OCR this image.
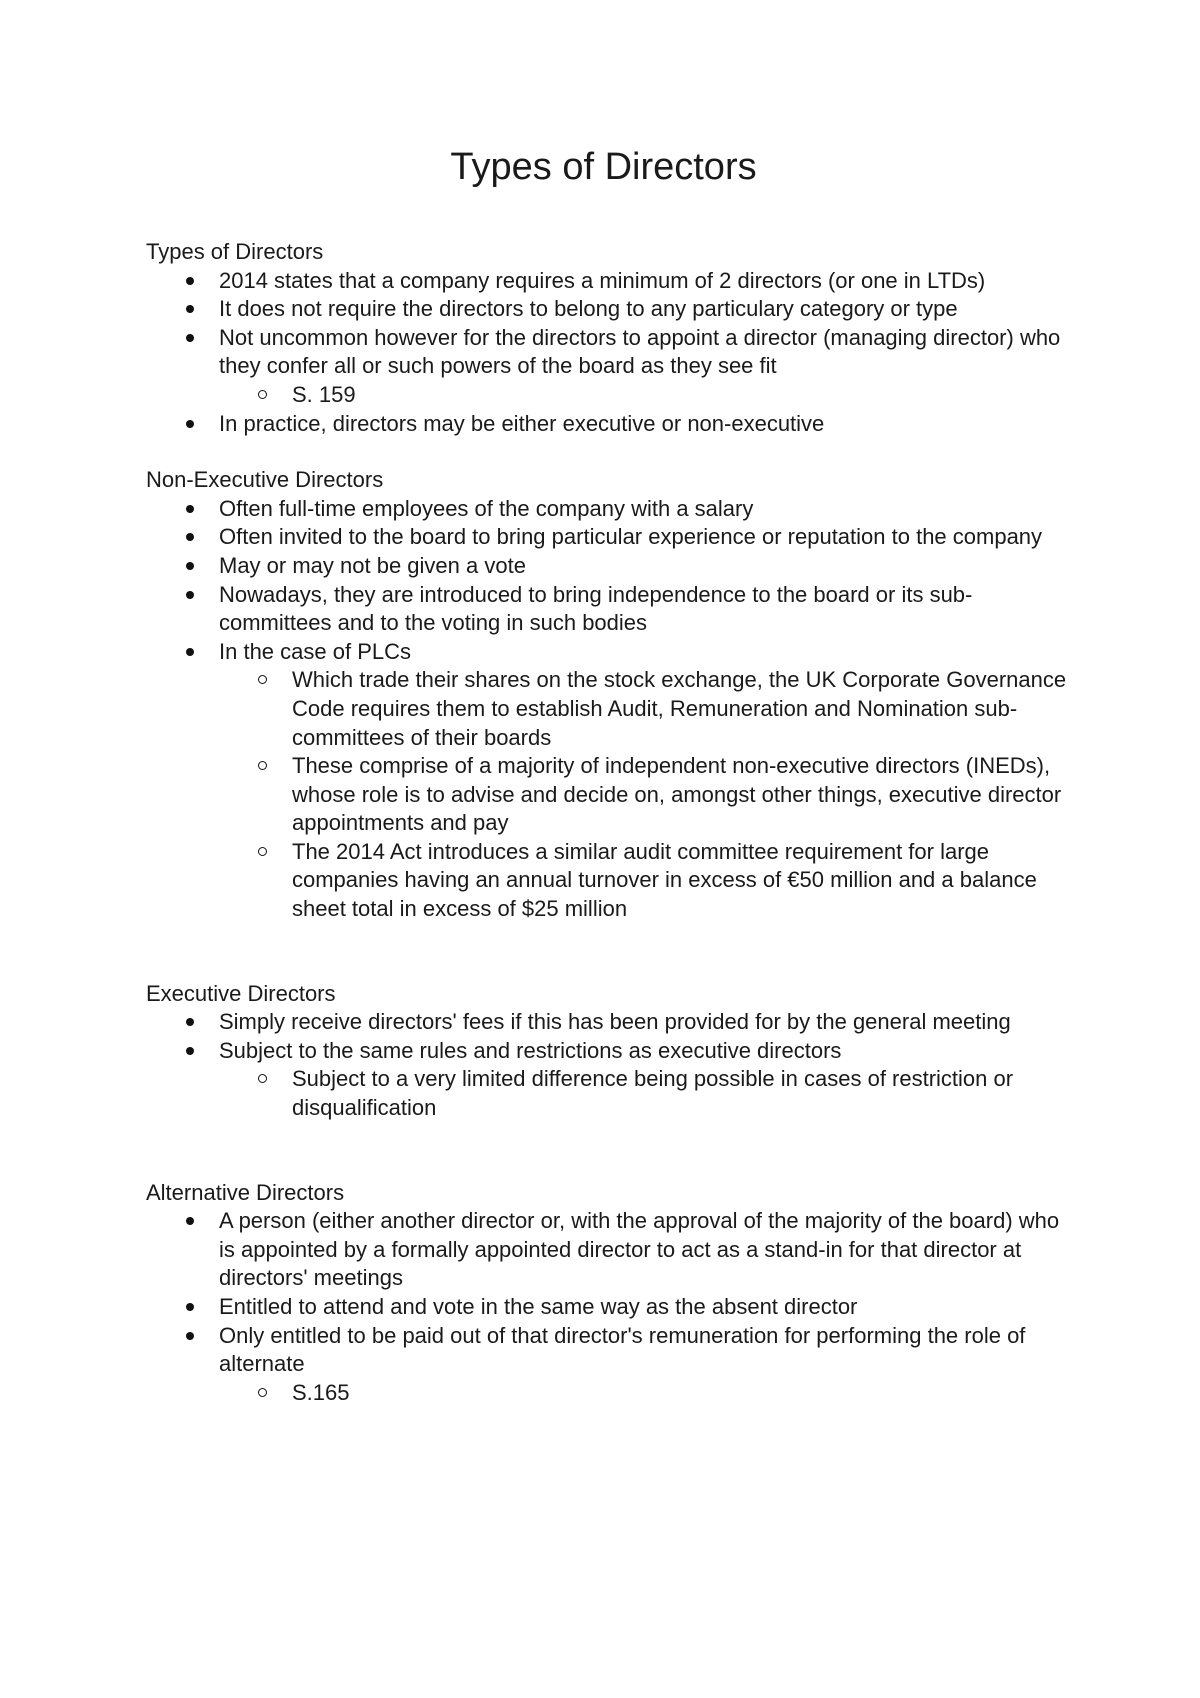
Types of Directors

Types of Directors

2014 states that a company requires a minimum of 2 directors (or one in LTDs)
It does not require the directors to belong to any particulary category or type
Not uncommon however for the directors to appoint a director (managing director) who they confer all or such powers of the board as they see fit
S. 159
In practice, directors may be either executive or non-executive

Non-Executive Directors

Often full-time employees of the company with a salary
Often invited to the board to bring particular experience or reputation to the company
May or may not be given a vote
Nowadays, they are introduced to bring independence to the board or its sub-committees and to the voting in such bodies
In the case of PLCs
Which trade their shares on the stock exchange, the UK Corporate Governance Code requires them to establish Audit, Remuneration and Nomination sub-committees of their boards
These comprise of a majority of independent non-executive directors (INEDs), whose role is to advise and decide on, amongst other things, executive director appointments and pay
The 2014 Act introduces a similar audit committee requirement for large companies having an annual turnover in excess of €50 million and a balance sheet total in excess of $25 million

Executive Directors

Simply receive directors' fees if this has been provided for by the general meeting
Subject to the same rules and restrictions as executive directors
Subject to a very limited difference being possible in cases of restriction or disqualification

Alternative Directors

A person (either another director or, with the approval of the majority of the board) who is appointed by a formally appointed director to act as a stand-in for that director at directors' meetings
Entitled to attend and vote in the same way as the absent director
Only entitled to be paid out of that director's remuneration for performing the role of alternate
S.165
